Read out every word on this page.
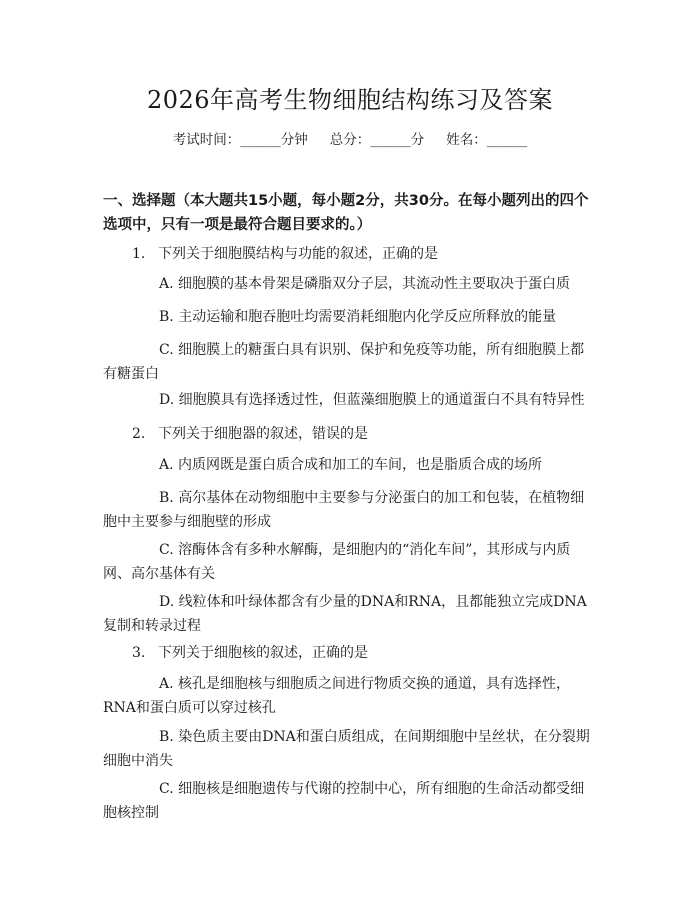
2026年高考生物细胞结构练习及答案
考试时间：______分钟 总分：______分 姓名：______
一、选择题（本大题共15小题，每小题2分，共30分。在每小题列出的四个选项中，只有一项是最符合题目要求的。）
1. 下列关于细胞膜结构与功能的叙述，正确的是
A. 细胞膜的基本骨架是磷脂双分子层，其流动性主要取决于蛋白质
B. 主动运输和胞吞胞吐均需要消耗细胞内化学反应所释放的能量
C. 细胞膜上的糖蛋白具有识别、保护和免疫等功能，所有细胞膜上都有糖蛋白
D. 细胞膜具有选择透过性，但蓝藻细胞膜上的通道蛋白不具有特异性
2. 下列关于细胞器的叙述，错误的是
A. 内质网既是蛋白质合成和加工的车间，也是脂质合成的场所
B. 高尔基体在动物细胞中主要参与分泌蛋白的加工和包装，在植物细胞中主要参与细胞壁的形成
C. 溶酶体含有多种水解酶，是细胞内的“消化车间”，其形成与内质网、高尔基体有关
D. 线粒体和叶绿体都含有少量的DNA和RNA，且都能独立完成DNA复制和转录过程
3. 下列关于细胞核的叙述，正确的是
A. 核孔是细胞核与细胞质之间进行物质交换的通道，具有选择性，RNA和蛋白质可以穿过核孔
B. 染色质主要由DNA和蛋白质组成，在间期细胞中呈丝状，在分裂期细胞中消失
C. 细胞核是细胞遗传与代谢的控制中心，所有细胞的生命活动都受细胞核控制
